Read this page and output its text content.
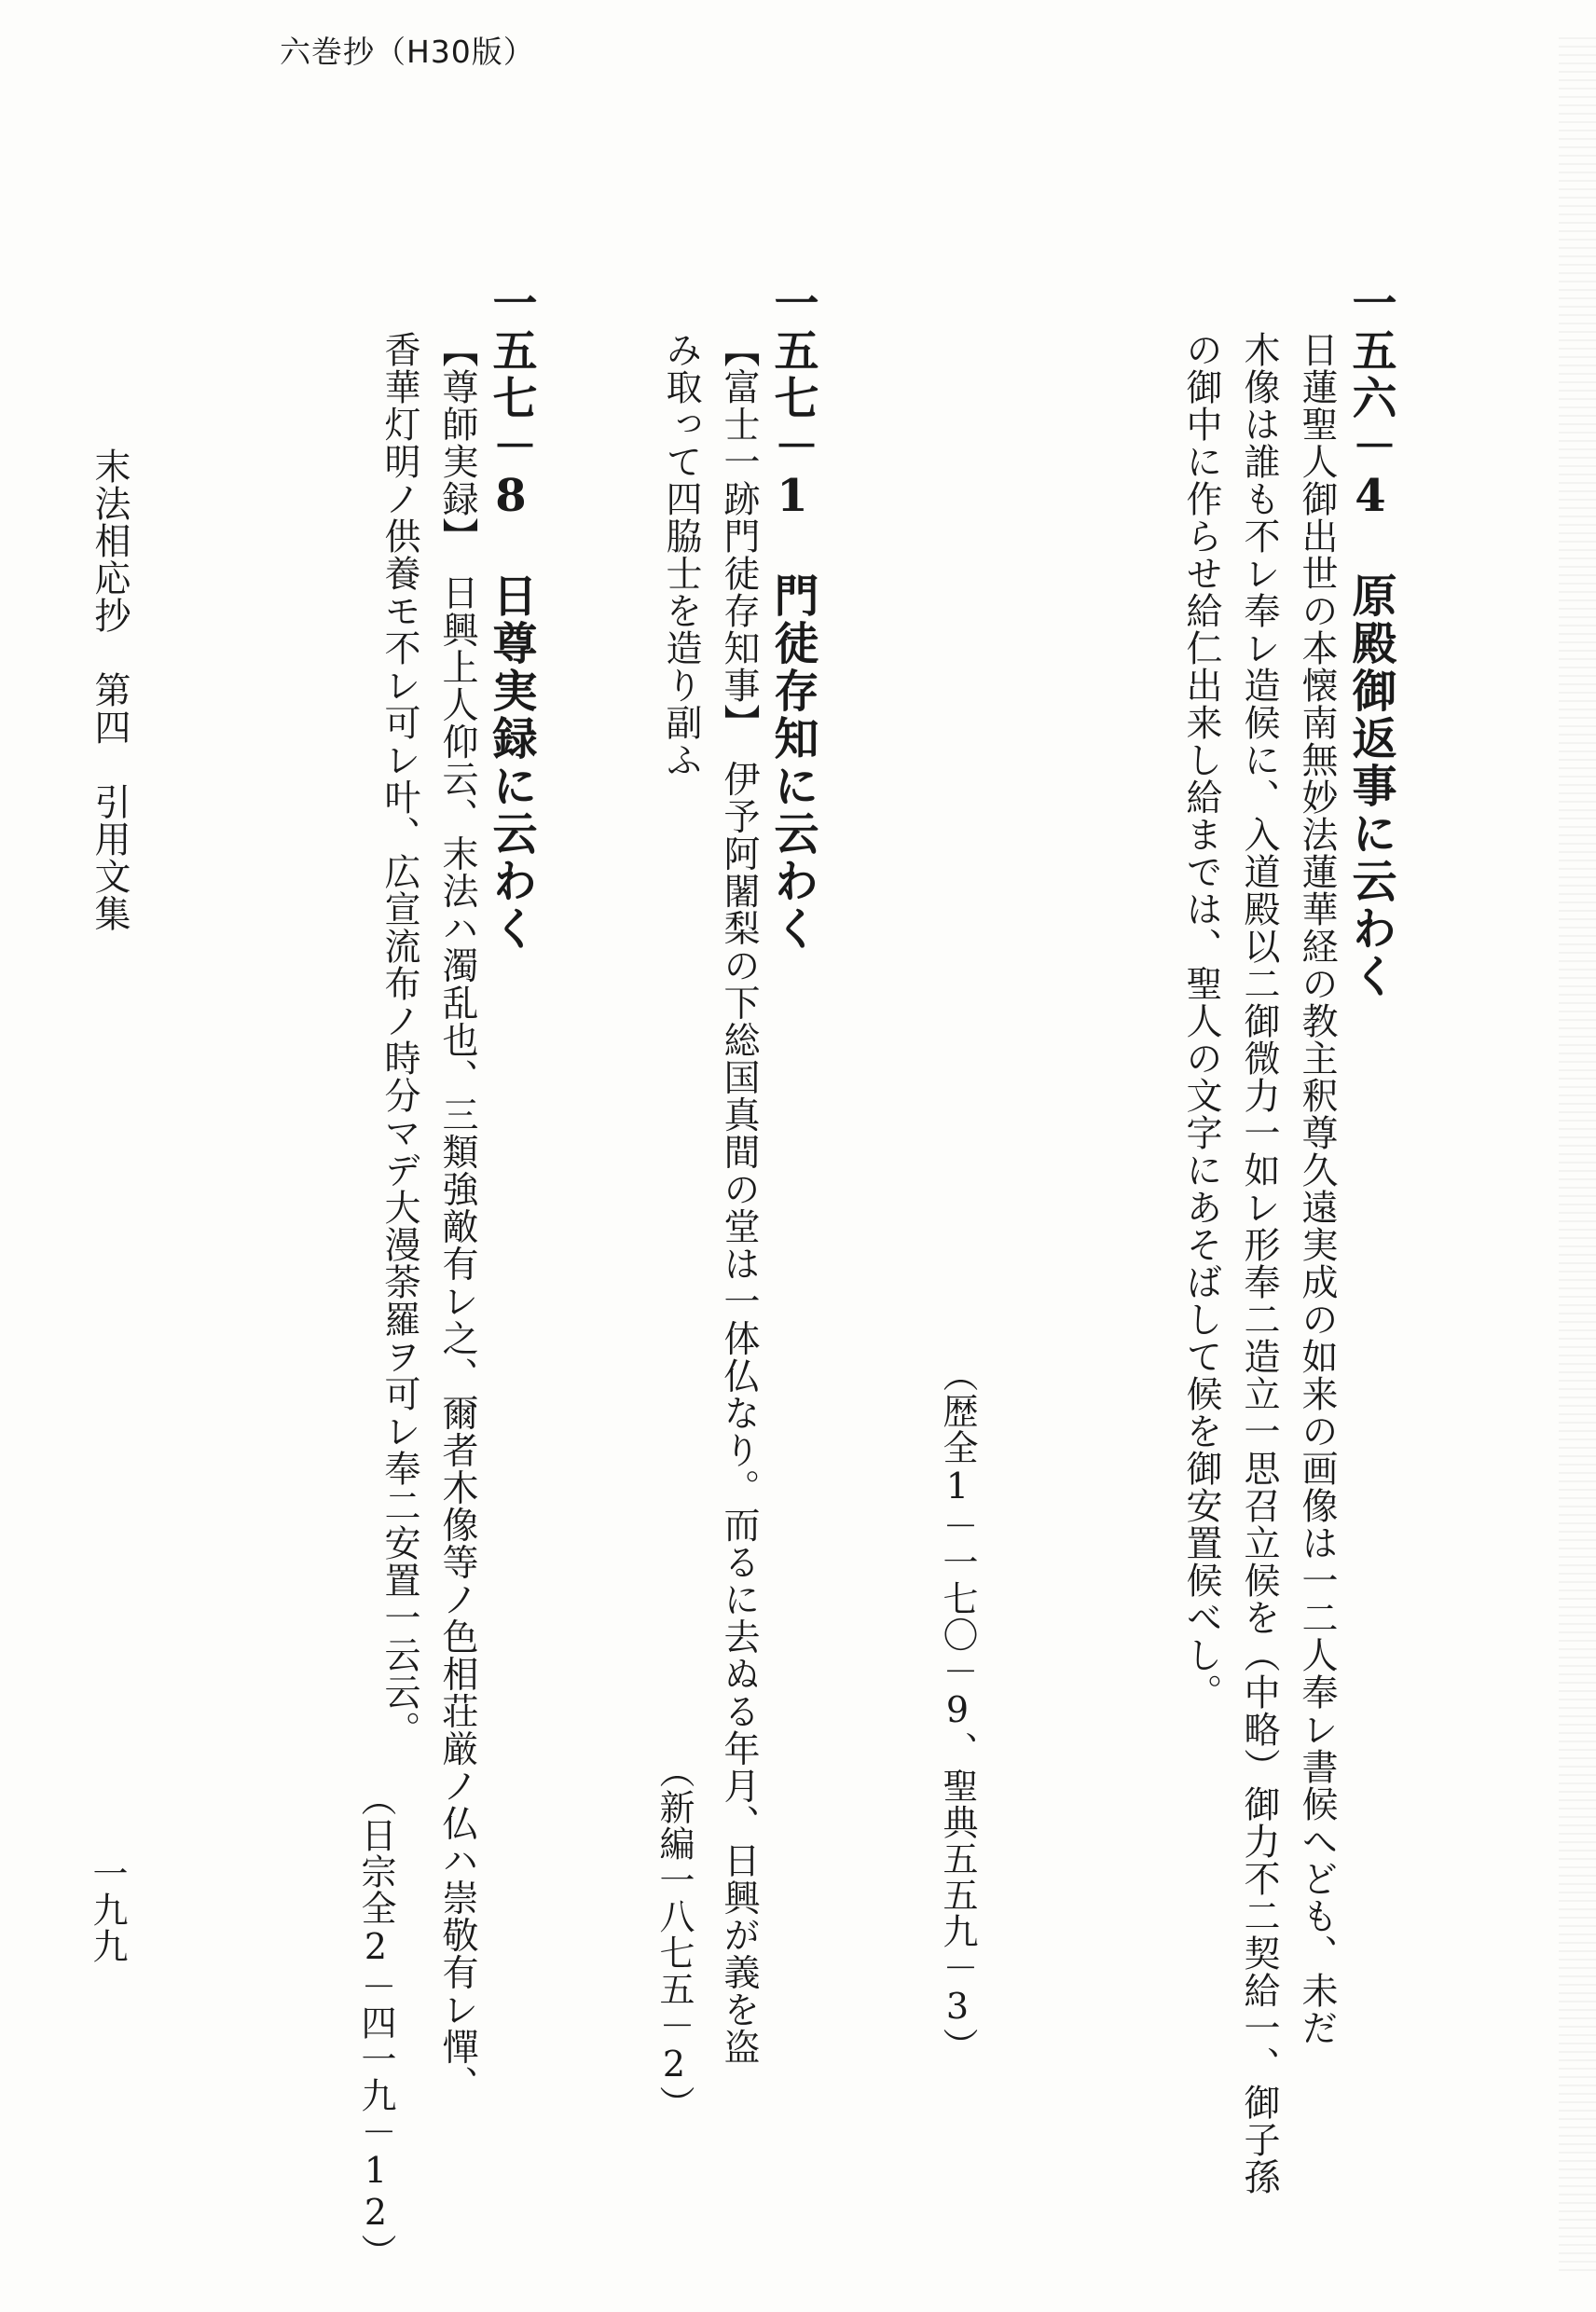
六巻抄（H30版）
一五六－4　原殿御返事に云わく
日蓮聖人御出世の本懐南無妙法蓮華経の教主釈尊久遠実成の如来の画像は一二人奉レ書候へども、未だ
木像は誰も不レ奉レ造候に、入道殿以二御微力一如レ形奉二造立一思召立候を（中略）御力不二契給一、御子孫
の御中に作らせ給仁出来し給までは、聖人の文字にあそばして候を御安置候べし。
（歴全1－一七〇－9、聖典五五九－3）
一五七－1　門徒存知に云わく
【富士一跡門徒存知事】　伊予阿闍梨の下総国真間の堂は一体仏なり。而るに去ぬる年月、日興が義を盗
み取って四脇士を造り副ふ
（新編一八七五－2）
一五七－8　日尊実録に云わく
【尊師実録】　日興上人仰云、末法ハ濁乱也、三類強敵有レ之、爾者木像等ノ色相荘厳ノ仏ハ崇敬有レ憚、
香華灯明ノ供養モ不レ可レ叶、広宣流布ノ時分マデ大漫荼羅ヲ可レ奉二安置一云云。
（日宗全2－四一九－12）
末法相応抄　第四　引用文集
一九九
